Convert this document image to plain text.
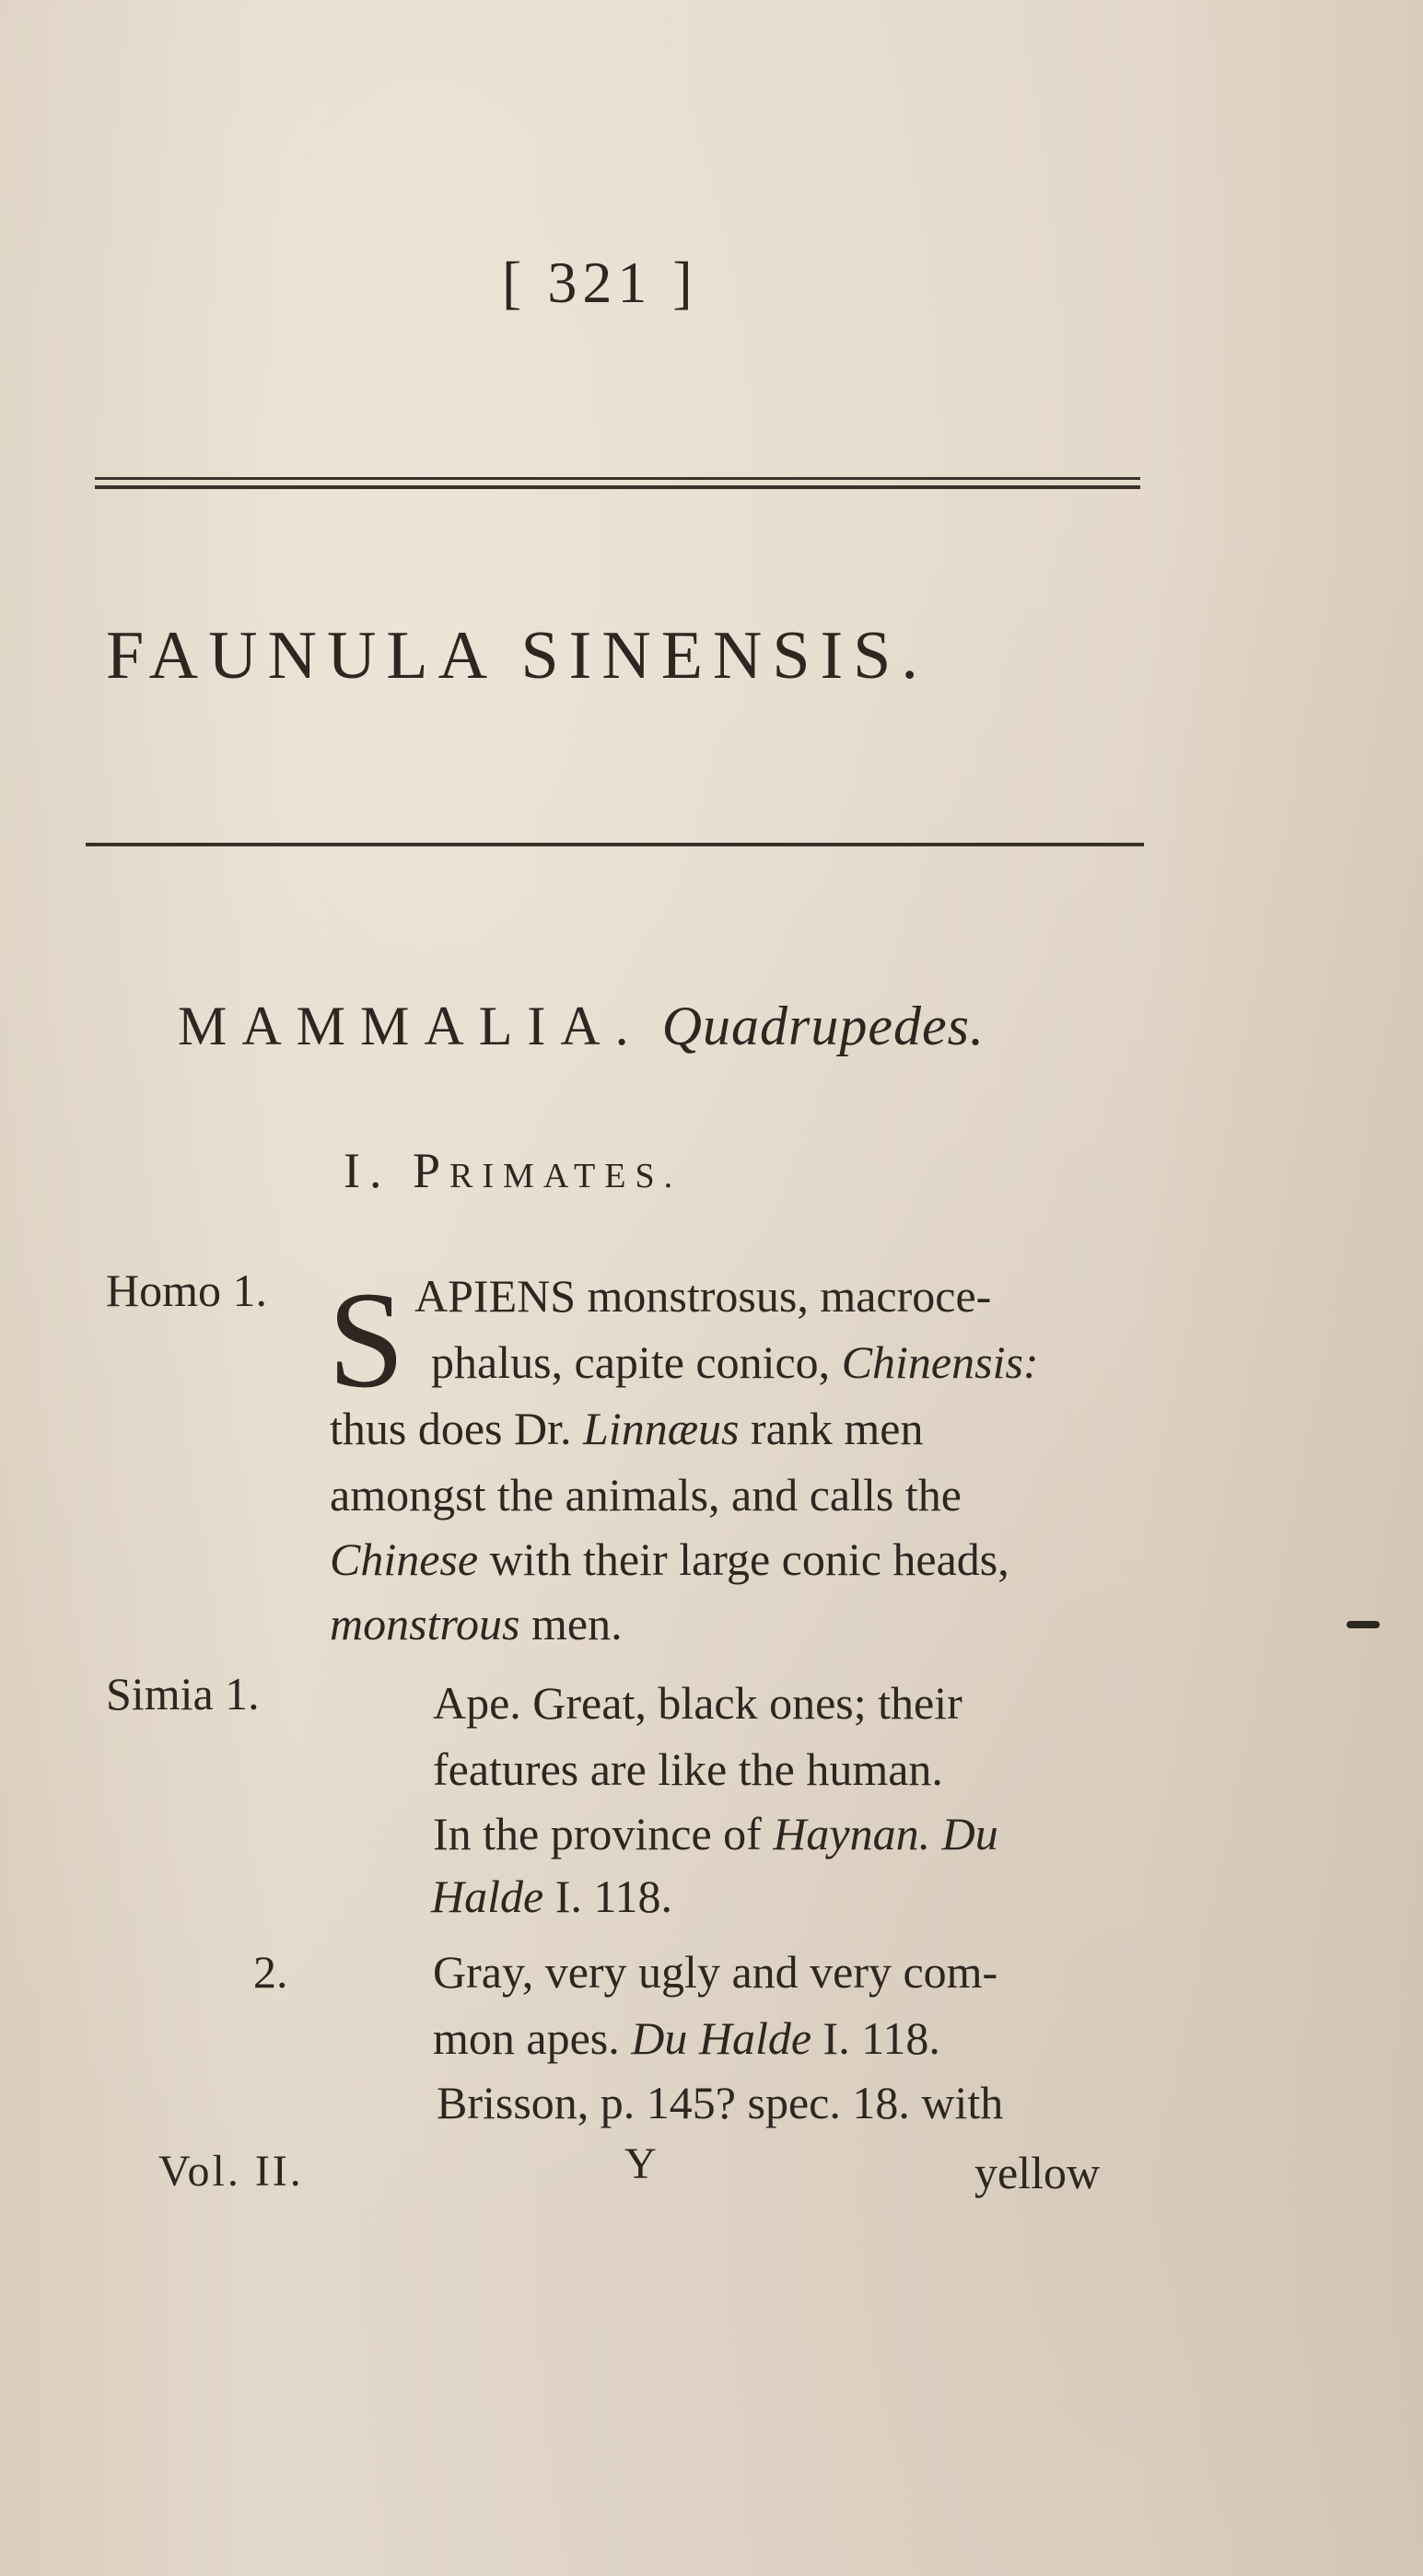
[ 321 ]
FAUNULA SINENSIS.
MAMMALIA. Quadrupedes.
I. PRIMATES.
Homo 1. S APIENS monstrosus, macroce-
phalus, capite conico, Chinensis:
thus does Dr. Linnæus rank men
amongst the animals, and calls the
Chinese with their large conic heads,
monstrous men.
Simia 1.	Ape. Great, black ones; their
features are like the human.
In the province of Haynan. Du
Halde I. 118.
2.	Gray, very ugly and very com-
mon apes. Du Halde I. 118.
Brisson, p. 145? spec. 18. with
Vol. II.	Y	yellow
